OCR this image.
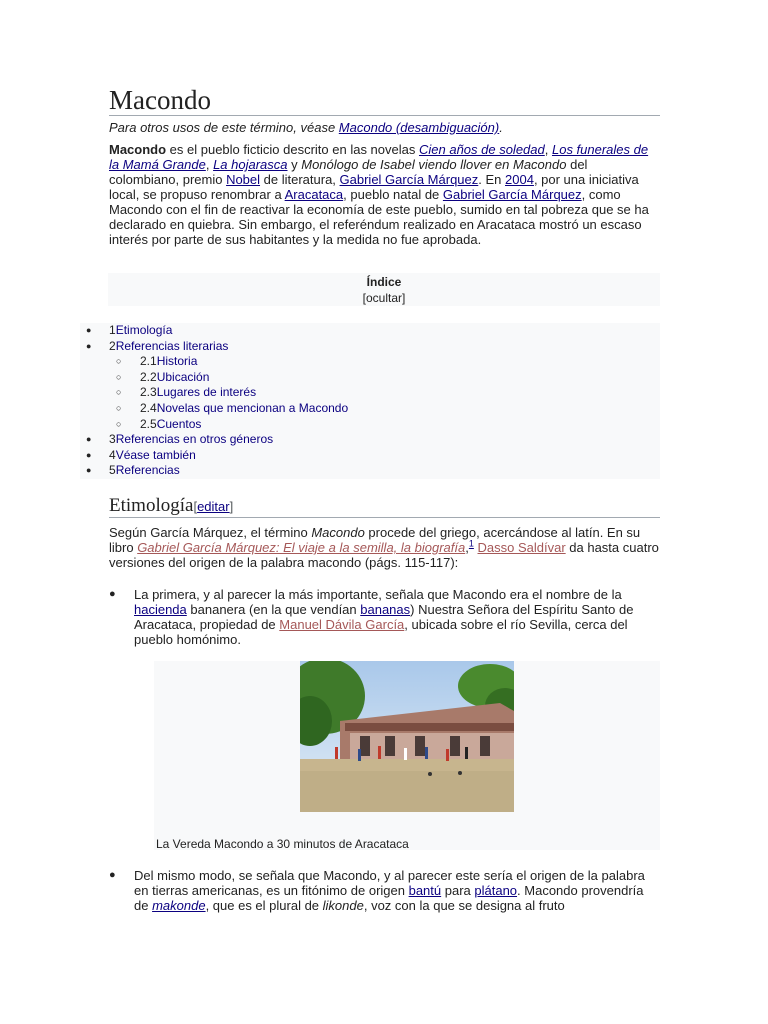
Macondo
Para otros usos de este término, véase Macondo (desambiguación).

Macondo es el pueblo ficticio descrito en las novelas Cien años de soledad, Los funerales de la Mamá Grande, La hojarasca y Monólogo de Isabel viendo llover en Macondo del colombiano, premio Nobel de literatura, Gabriel García Márquez. En 2004, por una iniciativa local, se propuso renombrar a Aracataca, pueblo natal de Gabriel García Márquez, como Macondo con el fin de reactivar la economía de este pueblo, sumido en tal pobreza que se ha declarado en quiebra. Sin embargo, el referéndum realizado en Aracataca mostró un escaso interés por parte de sus habitantes y la medida no fue aprobada.

Índice
[ocultar]
● 1Etimología
● 2Referencias literarias
○ 2.1Historia
○ 2.2Ubicación
○ 2.3Lugares de interés
○ 2.4Novelas que mencionan a Macondo
○ 2.5Cuentos
● 3Referencias en otros géneros
● 4Véase también
● 5Referencias
Etimología[editar]

Según García Márquez, el término Macondo procede del griego, acercándose al latín. En su libro Gabriel García Márquez: El viaje a la semilla, la biografía,$^1$ Dasso Saldívar da hasta cuatro versiones del origen de la palabra macondo (págs. 115-117):

● La primera, y al parecer la más importante, señala que Macondo era el nombre de la hacienda bananera (en la que vendían bananas) Nuestra Señora del Espíritu Santo de Aracataca, propiedad de Manuel Dávila García, ubicada sobre el río Sevilla, cerca del pueblo homónimo.
La Vereda Macondo a 30 minutos de Aracataca
● Del mismo modo, se señala que Macondo, y al parecer este sería el origen de la palabra en tierras americanas, es un fitónimo de origen bantú para plátano. Macondo provendría de makonde, que es el plural de likonde, voz con la que se designa al fruto
